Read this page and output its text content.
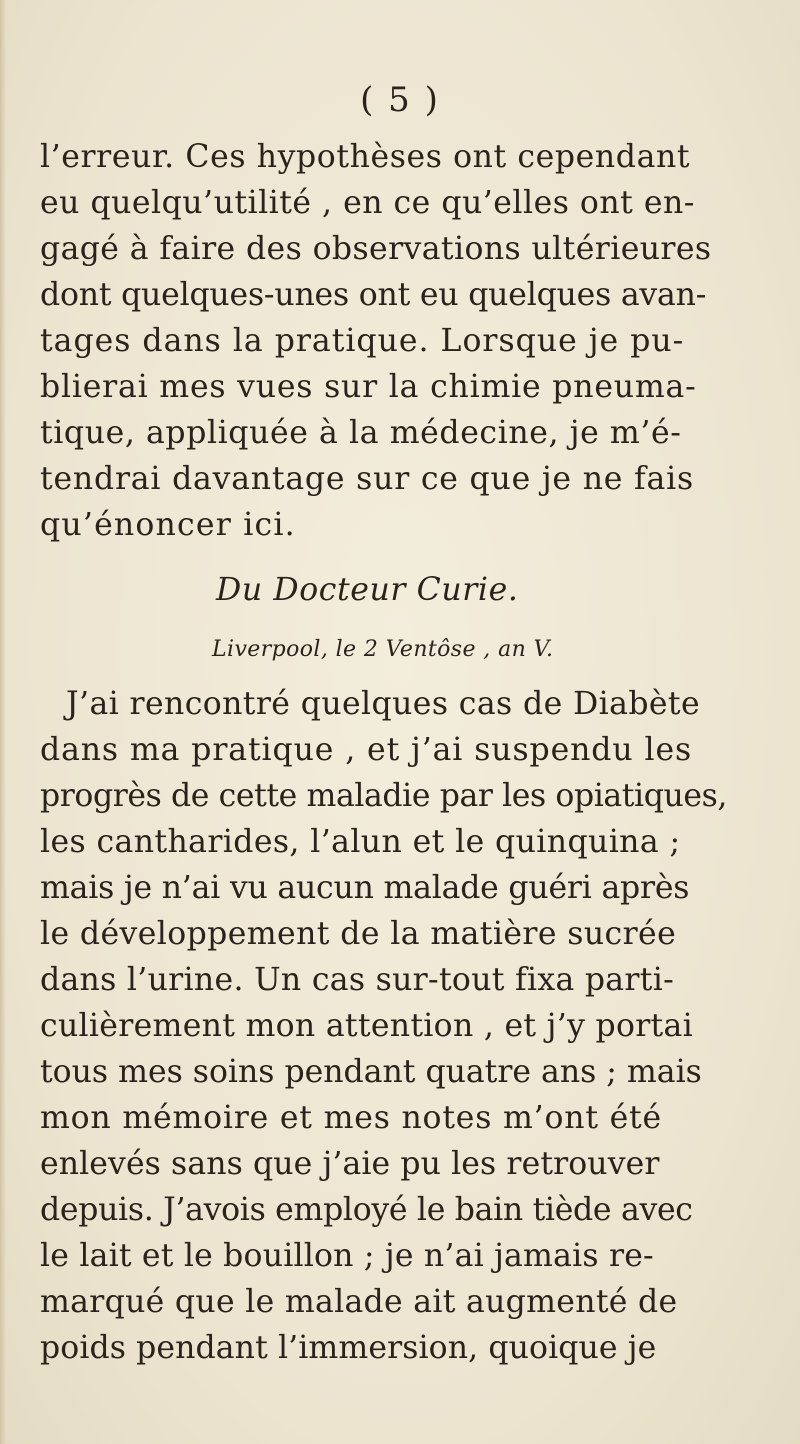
( 5 )
l’erreur. Ces hypothèses ont cependant
eu quelqu’utilité , en ce qu’elles ont en-
gagé à faire des observations ultérieures
dont quelques-unes ont eu quelques avan-
tages dans la pratique. Lorsque je pu-
blierai mes vues sur la chimie pneuma-
tique, appliquée à la médecine, je m’é-
tendrai davantage sur ce que je ne fais
qu’énoncer ici.
Du Docteur Curie.
Liverpool, le 2 Ventôse , an V.
J’ai rencontré quelques cas de Diabète
dans ma pratique , et j’ai suspendu les
progrès de cette maladie par les opiatiques,
les cantharides, l’alun et le quinquina ;
mais je n’ai vu aucun malade guéri après
le développement de la matière sucrée
dans l’urine. Un cas sur-tout fixa parti-
culièrement mon attention , et j’y portai
tous mes soins pendant quatre ans ; mais
mon mémoire et mes notes m’ont été
enlevés sans que j’aie pu les retrouver
depuis. J’avois employé le bain tiède avec
le lait et le bouillon ; je n’ai jamais re-
marqué que le malade ait augmenté de
poids pendant l’immersion, quoique je
